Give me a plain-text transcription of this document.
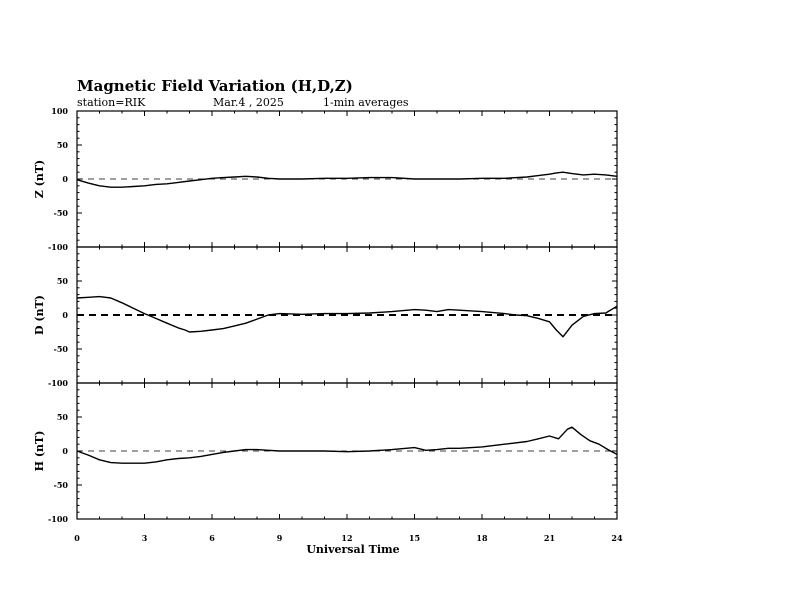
Magnetic Field Variation (H,D,Z)
station=RIK	Mar.4 , 2025	1-min averages
100
50
0
-50
-100
Z (nT)
50
0
-50
-100
D (nT)
50
0
-50
-100
H (nT)
0	3	6	9	12	15	18	21	24
Universal Time
